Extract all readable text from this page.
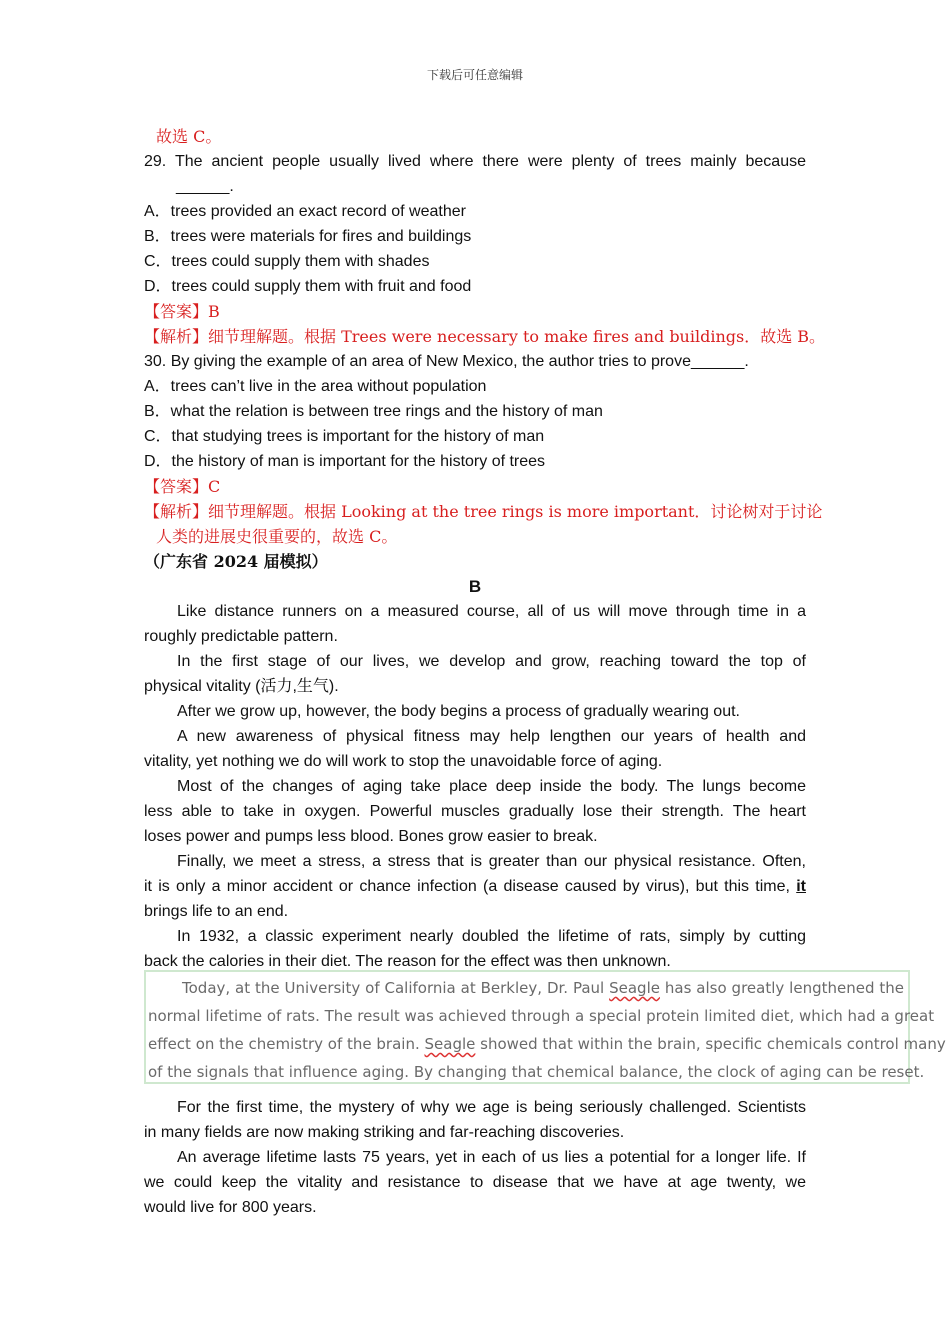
下载后可任意编辑
故选 C。
29. The ancient people usually lived where there were plenty of trees mainly because
______.
A．trees provided an exact record of weather
B．trees were materials for fires and buildings
C．trees could supply them with shades
D．trees could supply them with fruit and food
【答案】B
【解析】细节理解题。根据 Trees were necessary to make fires and buildings．故选 B。
30. By giving the example of an area of New Mexico, the author tries to prove______.
A．trees can’t live in the area without population
B．what the relation is between tree rings and the history of man
C．that studying trees is important for the history of man
D．the history of man is important for the history of trees
【答案】C
【解析】细节理解题。根据 Looking at the tree rings is more important．讨论树对于讨论
人类的进展史很重要的，故选 C。
（广东省 2024 届模拟）
B
Like distance runners on a measured course, all of us will move through time in a
roughly predictable pattern.
In the first stage of our lives, we develop and grow, reaching toward the top of
physical vitality (活力,生气).
After we grow up, however, the body begins a process of gradually wearing out.
A new awareness of physical fitness may help lengthen our years of health and
vitality, yet nothing we do will work to stop the unavoidable force of aging.
Most of the changes of aging take place deep inside the body. The lungs become
less able to take in oxygen. Powerful muscles gradually lose their strength. The heart
loses power and pumps less blood. Bones grow easier to break.
Finally, we meet a stress, a stress that is greater than our physical resistance. Often,
it is only a minor accident or chance infection (a disease caused by virus), but this time, it
brings life to an end.
In 1932, a classic experiment nearly doubled the lifetime of rats, simply by cutting
back the calories in their diet. The reason for the effect was then unknown.
Today, at the University of California at Berkley, Dr. Paul Seagle has also greatly lengthened the
normal lifetime of rats. The result was achieved through a special protein limited diet, which had a great
effect on the chemistry of the brain. Seagle showed that within the brain, specific chemicals control many
of the signals that influence aging. By changing that chemical balance, the clock of aging can be reset.
For the first time, the mystery of why we age is being seriously challenged. Scientists
in many fields are now making striking and far-reaching discoveries.
An average lifetime lasts 75 years, yet in each of us lies a potential for a longer life. If
we could keep the vitality and resistance to disease that we have at age twenty, we
would live for 800 years.
